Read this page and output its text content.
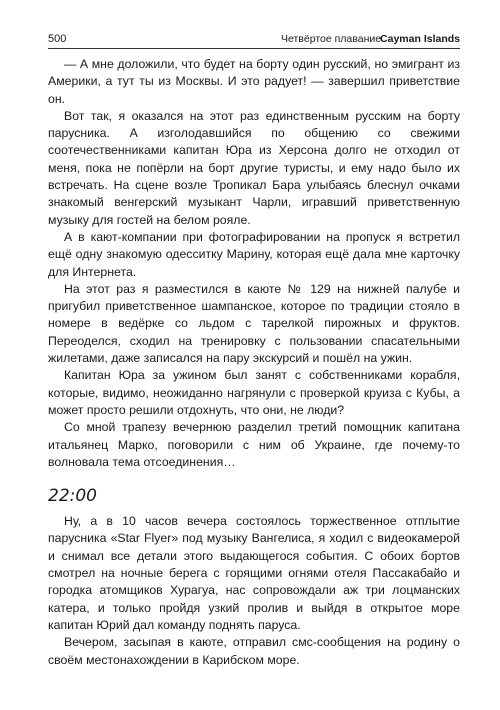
500	Четвёртое плавание
Cayman Islands

— А мне доложили, что будет на борту один русский, но эмигрант из Америки, а тут ты из Москвы. И это радует! — завершил приветствие он.

Вот так, я оказался на этот раз единственным русским на борту парусника. А изголодавшийся по общению со свежими соотечественниками капитан Юра из Херсона долго не отходил от меня, пока не попёрли на борт другие туристы, и ему надо было их встречать. На сцене возле Тропикал Бара улыбаясь блеснул очками знакомый венгерский музыкант Чарли, игравший приветственную музыку для гостей на белом рояле.

А в кают-компании при фотографировании на пропуск я встретил ещё одну знакомую одесситку Марину, которая ещё дала мне карточку для Интернета.

На этот раз я разместился в каюте № 129 на нижней палубе и пригубил приветственное шампанское, которое по традиции стояло в номере в ведёрке со льдом с тарелкой пирожных и фруктов. Переоделся, сходил на тренировку с пользовании спасательными жилетами, даже записался на пару экскурсий и пошёл на ужин.

Капитан Юра за ужином был занят с собственниками корабля, которые, видимо, неожиданно нагрянули с проверкой круиза с Кубы, а может просто решили отдохнуть, что они, не люди?

Со мной трапезу вечернюю разделил третий помощник капитана итальянец Марко, поговорили с ним об Украине, где почему-то волновала тема отсоединения…

22:00

Ну, а в 10 часов вечера состоялось торжественное отплытие парусника «Star Flyer» под музыку Вангелиса, я ходил с видеокамерой и снимал все детали этого выдающегося события. С обоих бортов смотрел на ночные берега с горящими огнями отеля Пассакабайо и городка атомщиков Хурагуа, нас сопровождали аж три лоцманских катера, и только пройдя узкий пролив и выйдя в открытое море капитан Юрий дал команду поднять паруса.

Вечером, засыпая в каюте, отправил смс-сообщения на родину о своём местонахождении в Карибском море.
